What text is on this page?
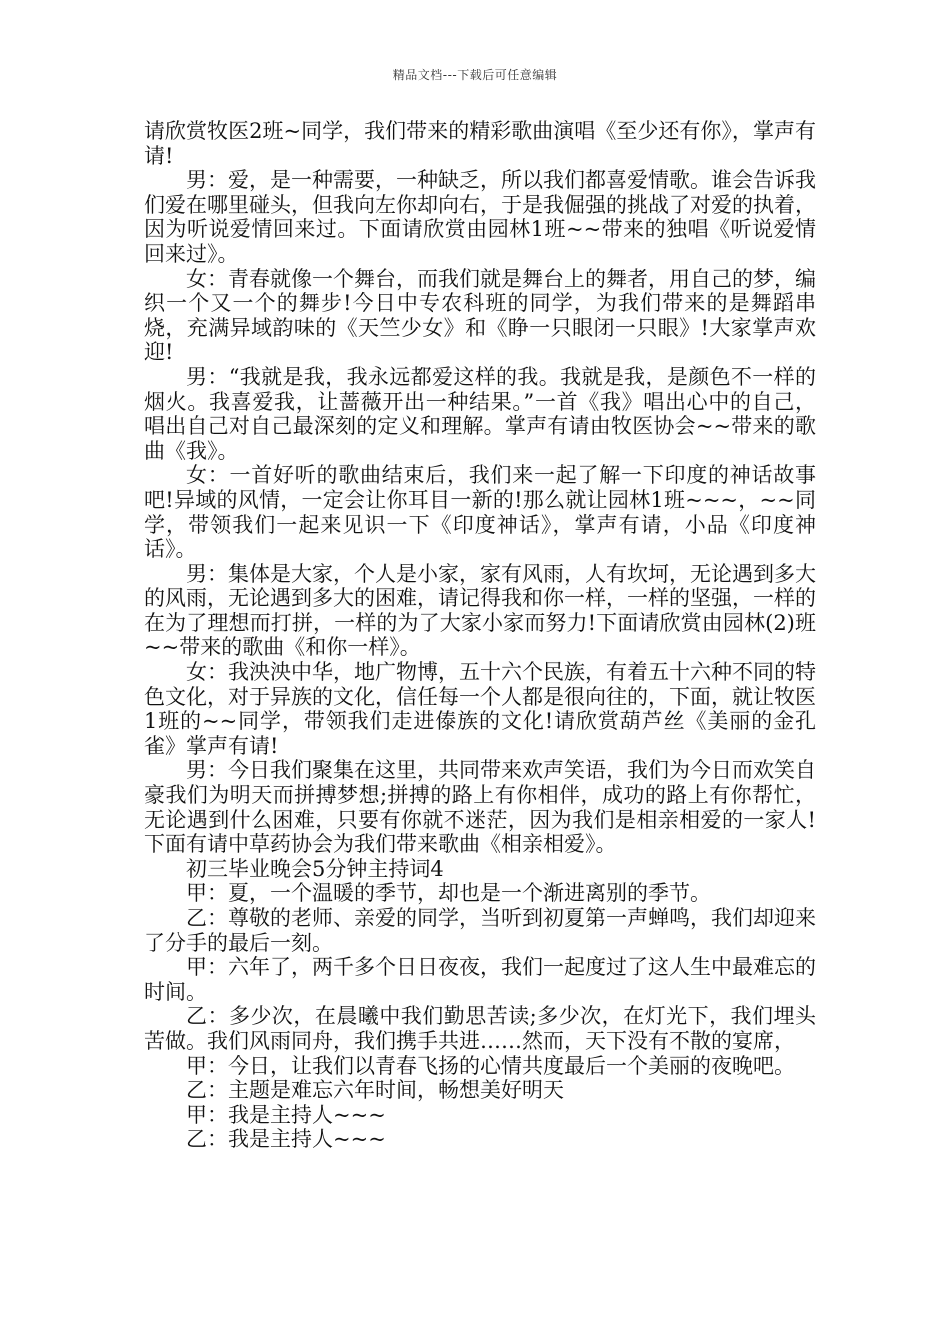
精品文档---下载后可任意编辑

请欣赏牧医2班~同学，我们带来的精彩歌曲演唱《至少还有你》，掌声有请!

男：爱，是一种需要，一种缺乏，所以我们都喜爱情歌。谁会告诉我们爱在哪里碰头，但我向左你却向右，于是我倔强的挑战了对爱的执着，因为听说爱情回来过。下面请欣赏由园林1班~~带来的独唱《听说爱情回来过》。

女：青春就像一个舞台，而我们就是舞台上的舞者，用自己的梦，编织一个又一个的舞步!今日中专农科班的同学，为我们带来的是舞蹈串烧，充满异域韵味的《天竺少女》和《睁一只眼闭一只眼》!大家掌声欢迎!

男：“我就是我，我永远都爱这样的我。我就是我，是颜色不一样的烟火。我喜爱我，让蔷薇开出一种结果。”一首《我》唱出心中的自己，唱出自己对自己最深刻的定义和理解。掌声有请由牧医协会~~带来的歌曲《我》。

女：一首好听的歌曲结束后，我们来一起了解一下印度的神话故事吧!异域的风情，一定会让你耳目一新的!那么就让园林1班~~~，~~同学，带领我们一起来见识一下《印度神话》，掌声有请，小品《印度神话》。

男：集体是大家，个人是小家，家有风雨，人有坎坷，无论遇到多大的风雨，无论遇到多大的困难，请记得我和你一样，一样的坚强，一样的在为了理想而打拼，一样的为了大家小家而努力!下面请欣赏由园林(2)班~~带来的歌曲《和你一样》。

女：我泱泱中华，地广物博，五十六个民族，有着五十六种不同的特色文化，对于异族的文化，信任每一个人都是很向往的，下面，就让牧医1班的~~同学，带领我们走进傣族的文化!请欣赏葫芦丝《美丽的金孔雀》掌声有请!

男：今日我们聚集在这里，共同带来欢声笑语，我们为今日而欢笑自豪我们为明天而拼搏梦想;拼搏的路上有你相伴，成功的路上有你帮忙，无论遇到什么困难，只要有你就不迷茫，因为我们是相亲相爱的一家人!下面有请中草药协会为我们带来歌曲《相亲相爱》。

初三毕业晚会5分钟主持词4

甲：夏，一个温暖的季节，却也是一个渐进离别的季节。

乙：尊敬的老师、亲爱的同学，当听到初夏第一声蝉鸣，我们却迎来了分手的最后一刻。

甲：六年了，两千多个日日夜夜，我们一起度过了这人生中最难忘的时间。

乙：多少次，在晨曦中我们勤思苦读;多少次，在灯光下，我们埋头苦做。我们风雨同舟，我们携手共进……然而，天下没有不散的宴席，

甲：今日，让我们以青春飞扬的心情共度最后一个美丽的夜晚吧。

乙：主题是难忘六年时间，畅想美好明天

甲：我是主持人~~~

乙：我是主持人~~~
